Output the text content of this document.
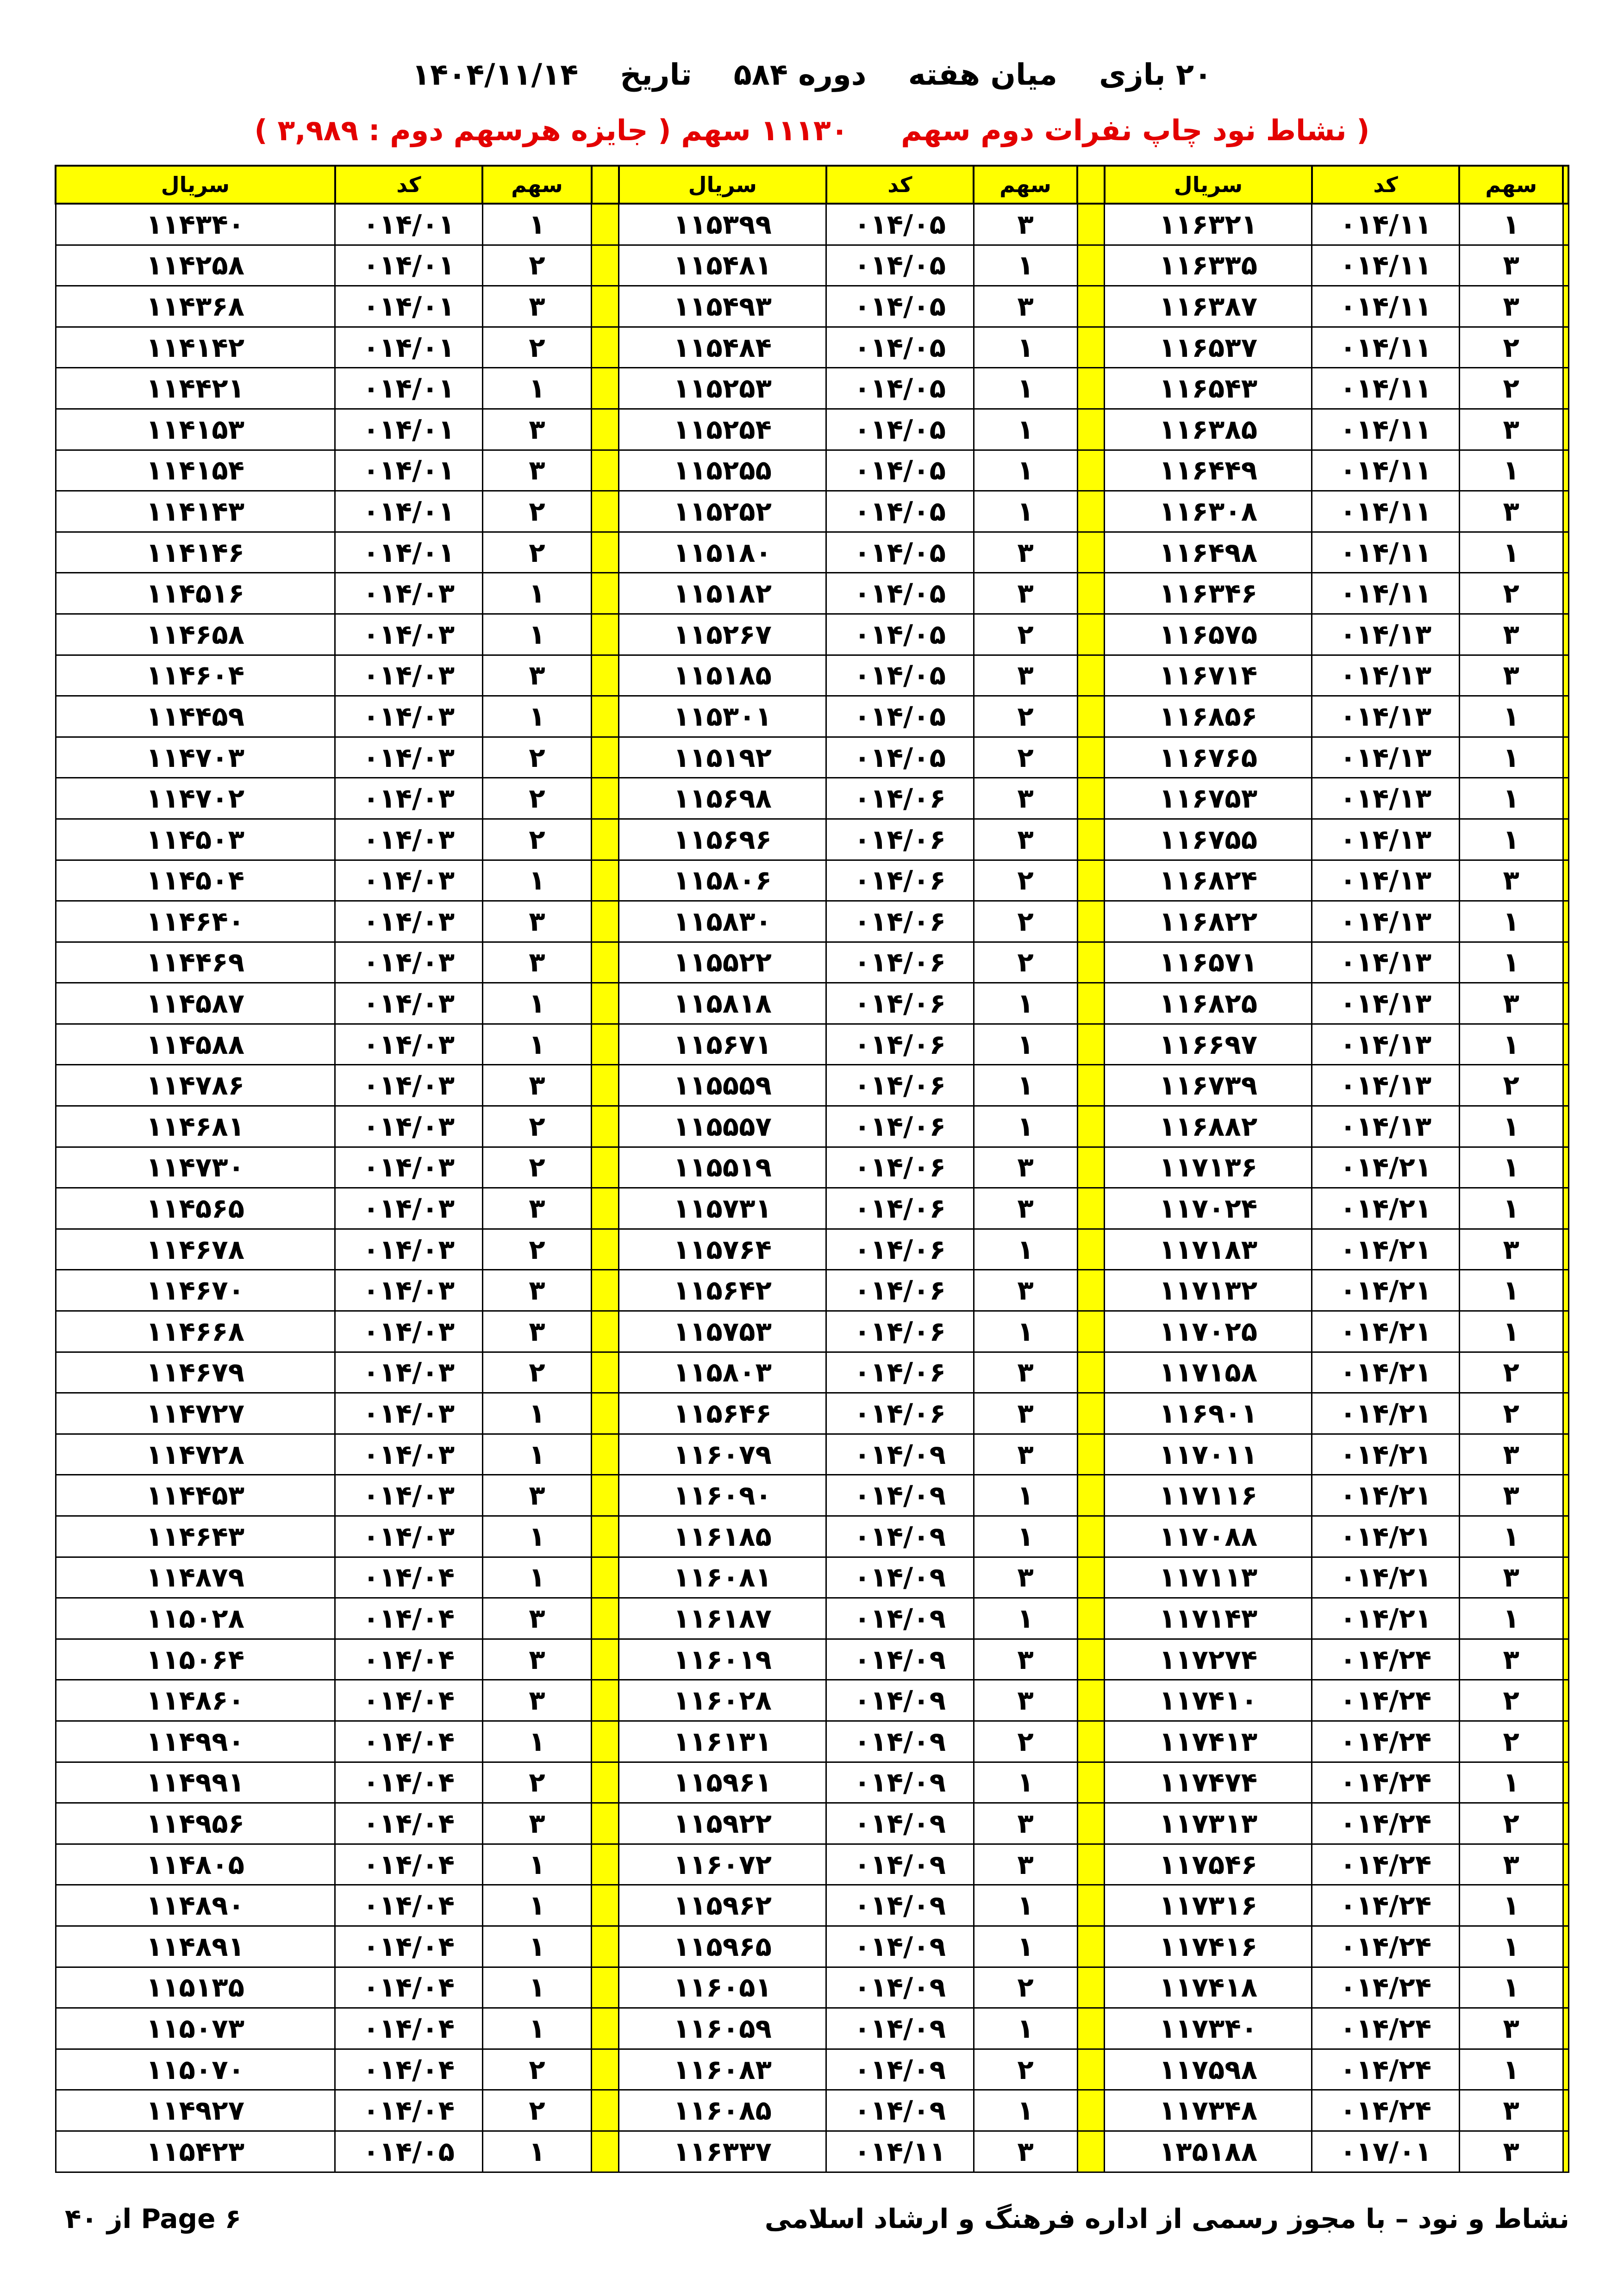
۲۰ بازی میان هفته دوره ۵۸۴ تاریخ ۱۴۰۴/۱۱/۱۴
( نشاط نود چاپ نفرات دوم سهم ۱۱۱۳۰ سهم ( جایزه هرسهم دوم : ۳,۹۸۹ )
	سهم	کد	سریال		سهم	کد	سریال		سهم	کد	سریال
	۱	۰۱۴/۱۱	۱۱۶۳۲۱		۳	۰۱۴/۰۵	۱۱۵۳۹۹		۱	۰۱۴/۰۱	۱۱۴۳۴۰
	۳	۰۱۴/۱۱	۱۱۶۳۳۵		۱	۰۱۴/۰۵	۱۱۵۴۸۱		۲	۰۱۴/۰۱	۱۱۴۲۵۸
	۳	۰۱۴/۱۱	۱۱۶۳۸۷		۳	۰۱۴/۰۵	۱۱۵۴۹۳		۳	۰۱۴/۰۱	۱۱۴۳۶۸
	۲	۰۱۴/۱۱	۱۱۶۵۳۷		۱	۰۱۴/۰۵	۱۱۵۴۸۴		۲	۰۱۴/۰۱	۱۱۴۱۴۲
	۲	۰۱۴/۱۱	۱۱۶۵۴۳		۱	۰۱۴/۰۵	۱۱۵۲۵۳		۱	۰۱۴/۰۱	۱۱۴۴۲۱
	۳	۰۱۴/۱۱	۱۱۶۳۸۵		۱	۰۱۴/۰۵	۱۱۵۲۵۴		۳	۰۱۴/۰۱	۱۱۴۱۵۳
	۱	۰۱۴/۱۱	۱۱۶۴۴۹		۱	۰۱۴/۰۵	۱۱۵۲۵۵		۳	۰۱۴/۰۱	۱۱۴۱۵۴
	۳	۰۱۴/۱۱	۱۱۶۳۰۸		۱	۰۱۴/۰۵	۱۱۵۲۵۲		۲	۰۱۴/۰۱	۱۱۴۱۴۳
	۱	۰۱۴/۱۱	۱۱۶۴۹۸		۳	۰۱۴/۰۵	۱۱۵۱۸۰		۲	۰۱۴/۰۱	۱۱۴۱۴۶
	۲	۰۱۴/۱۱	۱۱۶۳۴۶		۳	۰۱۴/۰۵	۱۱۵۱۸۲		۱	۰۱۴/۰۳	۱۱۴۵۱۶
	۳	۰۱۴/۱۳	۱۱۶۵۷۵		۲	۰۱۴/۰۵	۱۱۵۲۶۷		۱	۰۱۴/۰۳	۱۱۴۶۵۸
	۳	۰۱۴/۱۳	۱۱۶۷۱۴		۳	۰۱۴/۰۵	۱۱۵۱۸۵		۳	۰۱۴/۰۳	۱۱۴۶۰۴
	۱	۰۱۴/۱۳	۱۱۶۸۵۶		۲	۰۱۴/۰۵	۱۱۵۳۰۱		۱	۰۱۴/۰۳	۱۱۴۴۵۹
	۱	۰۱۴/۱۳	۱۱۶۷۶۵		۲	۰۱۴/۰۵	۱۱۵۱۹۲		۲	۰۱۴/۰۳	۱۱۴۷۰۳
	۱	۰۱۴/۱۳	۱۱۶۷۵۳		۳	۰۱۴/۰۶	۱۱۵۶۹۸		۲	۰۱۴/۰۳	۱۱۴۷۰۲
	۱	۰۱۴/۱۳	۱۱۶۷۵۵		۳	۰۱۴/۰۶	۱۱۵۶۹۶		۲	۰۱۴/۰۳	۱۱۴۵۰۳
	۳	۰۱۴/۱۳	۱۱۶۸۲۴		۲	۰۱۴/۰۶	۱۱۵۸۰۶		۱	۰۱۴/۰۳	۱۱۴۵۰۴
	۱	۰۱۴/۱۳	۱۱۶۸۲۲		۲	۰۱۴/۰۶	۱۱۵۸۳۰		۳	۰۱۴/۰۳	۱۱۴۶۴۰
	۱	۰۱۴/۱۳	۱۱۶۵۷۱		۲	۰۱۴/۰۶	۱۱۵۵۲۲		۳	۰۱۴/۰۳	۱۱۴۴۶۹
	۳	۰۱۴/۱۳	۱۱۶۸۲۵		۱	۰۱۴/۰۶	۱۱۵۸۱۸		۱	۰۱۴/۰۳	۱۱۴۵۸۷
	۱	۰۱۴/۱۳	۱۱۶۶۹۷		۱	۰۱۴/۰۶	۱۱۵۶۷۱		۱	۰۱۴/۰۳	۱۱۴۵۸۸
	۲	۰۱۴/۱۳	۱۱۶۷۳۹		۱	۰۱۴/۰۶	۱۱۵۵۵۹		۳	۰۱۴/۰۳	۱۱۴۷۸۶
	۱	۰۱۴/۱۳	۱۱۶۸۸۲		۱	۰۱۴/۰۶	۱۱۵۵۵۷		۲	۰۱۴/۰۳	۱۱۴۶۸۱
	۱	۰۱۴/۲۱	۱۱۷۱۳۶		۳	۰۱۴/۰۶	۱۱۵۵۱۹		۲	۰۱۴/۰۳	۱۱۴۷۳۰
	۱	۰۱۴/۲۱	۱۱۷۰۲۴		۳	۰۱۴/۰۶	۱۱۵۷۳۱		۳	۰۱۴/۰۳	۱۱۴۵۶۵
	۳	۰۱۴/۲۱	۱۱۷۱۸۳		۱	۰۱۴/۰۶	۱۱۵۷۶۴		۲	۰۱۴/۰۳	۱۱۴۶۷۸
	۱	۰۱۴/۲۱	۱۱۷۱۳۲		۳	۰۱۴/۰۶	۱۱۵۶۴۲		۳	۰۱۴/۰۳	۱۱۴۶۷۰
	۱	۰۱۴/۲۱	۱۱۷۰۲۵		۱	۰۱۴/۰۶	۱۱۵۷۵۳		۳	۰۱۴/۰۳	۱۱۴۶۶۸
	۲	۰۱۴/۲۱	۱۱۷۱۵۸		۳	۰۱۴/۰۶	۱۱۵۸۰۳		۲	۰۱۴/۰۳	۱۱۴۶۷۹
	۲	۰۱۴/۲۱	۱۱۶۹۰۱		۳	۰۱۴/۰۶	۱۱۵۶۴۶		۱	۰۱۴/۰۳	۱۱۴۷۲۷
	۳	۰۱۴/۲۱	۱۱۷۰۱۱		۳	۰۱۴/۰۹	۱۱۶۰۷۹		۱	۰۱۴/۰۳	۱۱۴۷۲۸
	۳	۰۱۴/۲۱	۱۱۷۱۱۶		۱	۰۱۴/۰۹	۱۱۶۰۹۰		۳	۰۱۴/۰۳	۱۱۴۴۵۳
	۱	۰۱۴/۲۱	۱۱۷۰۸۸		۱	۰۱۴/۰۹	۱۱۶۱۸۵		۱	۰۱۴/۰۳	۱۱۴۶۴۳
	۳	۰۱۴/۲۱	۱۱۷۱۱۳		۳	۰۱۴/۰۹	۱۱۶۰۸۱		۱	۰۱۴/۰۴	۱۱۴۸۷۹
	۱	۰۱۴/۲۱	۱۱۷۱۴۳		۱	۰۱۴/۰۹	۱۱۶۱۸۷		۳	۰۱۴/۰۴	۱۱۵۰۲۸
	۳	۰۱۴/۲۴	۱۱۷۲۷۴		۳	۰۱۴/۰۹	۱۱۶۰۱۹		۳	۰۱۴/۰۴	۱۱۵۰۶۴
	۲	۰۱۴/۲۴	۱۱۷۴۱۰		۳	۰۱۴/۰۹	۱۱۶۰۲۸		۳	۰۱۴/۰۴	۱۱۴۸۶۰
	۲	۰۱۴/۲۴	۱۱۷۴۱۳		۲	۰۱۴/۰۹	۱۱۶۱۳۱		۱	۰۱۴/۰۴	۱۱۴۹۹۰
	۱	۰۱۴/۲۴	۱۱۷۴۷۴		۱	۰۱۴/۰۹	۱۱۵۹۶۱		۲	۰۱۴/۰۴	۱۱۴۹۹۱
	۲	۰۱۴/۲۴	۱۱۷۳۱۳		۳	۰۱۴/۰۹	۱۱۵۹۲۲		۳	۰۱۴/۰۴	۱۱۴۹۵۶
	۳	۰۱۴/۲۴	۱۱۷۵۴۶		۳	۰۱۴/۰۹	۱۱۶۰۷۲		۱	۰۱۴/۰۴	۱۱۴۸۰۵
	۱	۰۱۴/۲۴	۱۱۷۳۱۶		۱	۰۱۴/۰۹	۱۱۵۹۶۲		۱	۰۱۴/۰۴	۱۱۴۸۹۰
	۱	۰۱۴/۲۴	۱۱۷۴۱۶		۱	۰۱۴/۰۹	۱۱۵۹۶۵		۱	۰۱۴/۰۴	۱۱۴۸۹۱
	۱	۰۱۴/۲۴	۱۱۷۴۱۸		۲	۰۱۴/۰۹	۱۱۶۰۵۱		۱	۰۱۴/۰۴	۱۱۵۱۳۵
	۳	۰۱۴/۲۴	۱۱۷۳۴۰		۱	۰۱۴/۰۹	۱۱۶۰۵۹		۱	۰۱۴/۰۴	۱۱۵۰۷۳
	۱	۰۱۴/۲۴	۱۱۷۵۹۸		۲	۰۱۴/۰۹	۱۱۶۰۸۳		۲	۰۱۴/۰۴	۱۱۵۰۷۰
	۳	۰۱۴/۲۴	۱۱۷۳۴۸		۱	۰۱۴/۰۹	۱۱۶۰۸۵		۲	۰۱۴/۰۴	۱۱۴۹۲۷
	۳	۰۱۷/۰۱	۱۳۵۱۸۸		۳	۰۱۴/۱۱	۱۱۶۳۳۷		۱	۰۱۴/۰۵	۱۱۵۴۲۳
نشاط و نود – با مجوز رسمی از اداره فرهنگ و ارشاد اسلامی
Page ۶ از ۴۰
